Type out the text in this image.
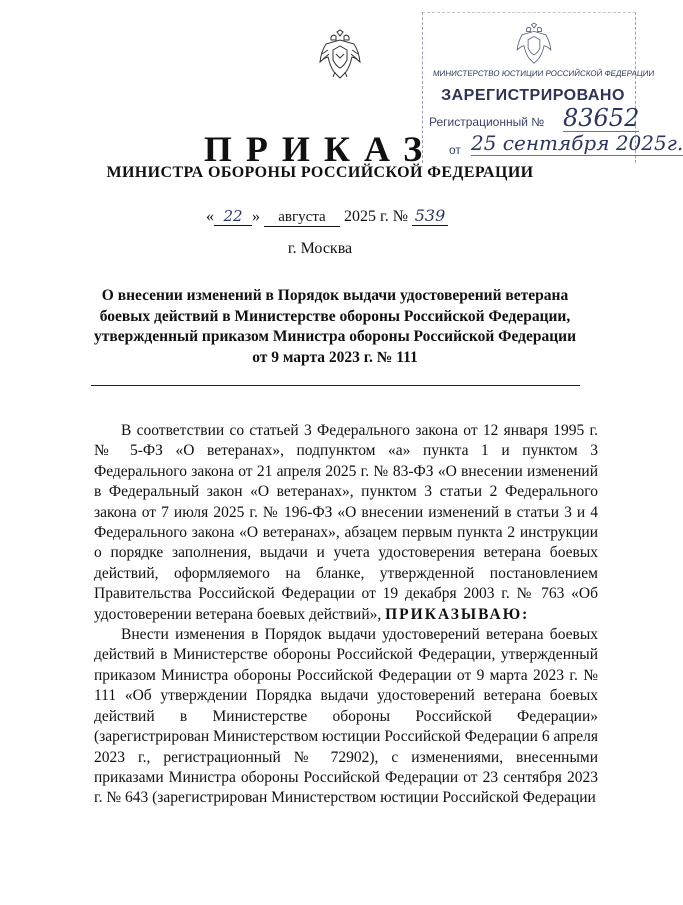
МИНИСТЕРСТВО ЮСТИЦИИ РОССИЙСКОЙ ФЕДЕРАЦИИ
ЗАРЕГИСТРИРОВАНО
Регистрационный № 83652
от 25 сентября 2025г.
ПРИКАЗ
МИНИСТРА ОБОРОНЫ РОССИЙСКОЙ ФЕДЕРАЦИИ
« 22 » августа 2025 г. № 539
г. Москва
О внесении изменений в Порядок выдачи удостоверений ветерана боевых действий в Министерстве обороны Российской Федерации, утвержденный приказом Министра обороны Российской Федерации от 9 марта 2023 г. № 111

В соответствии со статьей 3 Федерального закона от 12 января 1995 г. № 5-ФЗ «О ветеранах», подпунктом «а» пункта 1 и пунктом 3 Федерального закона от 21 апреля 2025 г. № 83-ФЗ «О внесении изменений в Федеральный закон «О ветеранах», пунктом 3 статьи 2 Федерального закона от 7 июля 2025 г. № 196-ФЗ «О внесении изменений в статьи 3 и 4 Федерального закона «О ветеранах», абзацем первым пункта 2 инструкции о порядке заполнения, выдачи и учета удостоверения ветерана боевых действий, оформляемого на бланке, утвержденной постановлением Правительства Российской Федерации от 19 декабря 2003 г. № 763 «Об удостоверении ветерана боевых действий», ПРИКАЗЫВАЮ:

Внести изменения в Порядок выдачи удостоверений ветерана боевых действий в Министерстве обороны Российской Федерации, утвержденный приказом Министра обороны Российской Федерации от 9 марта 2023 г. № 111 «Об утверждении Порядка выдачи удостоверений ветерана боевых действий в Министерстве обороны Российской Федерации» (зарегистрирован Министерством юстиции Российской Федерации 6 апреля 2023 г., регистрационный № 72902), с изменениями, внесенными приказами Министра обороны Российской Федерации от 23 сентября 2023 г. № 643 (зарегистрирован Министерством юстиции Российской Федерации
